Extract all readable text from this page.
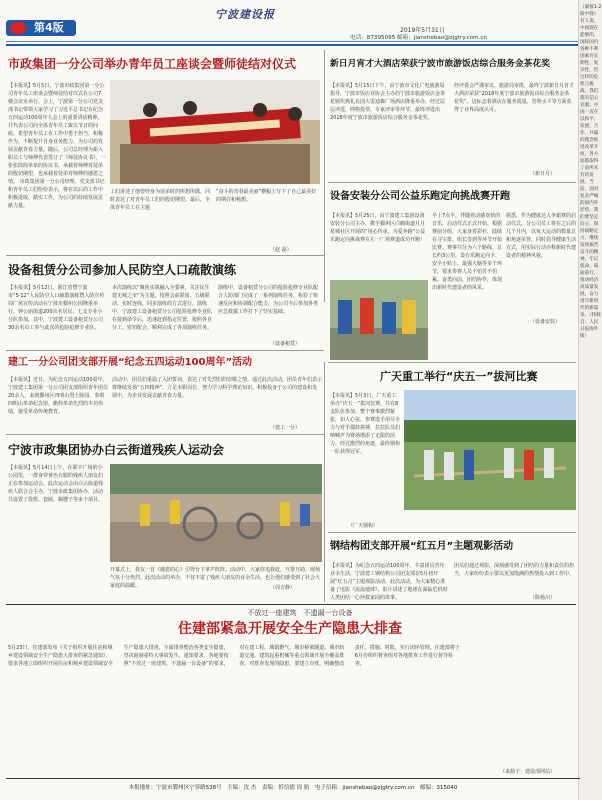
第4版
宁波建设报
2019年5月31日
电话：87395095 邮箱：jianshebao@zjgtry.com.cn
市政集团一分公司举办青年员工座谈会暨师徒结对仪式
【本报讯】5月5日，宁波市政集团第一分公司青年员工座谈会暨师徒结对仪式在公司7楼会议室举行。会上，宁波第一分公司党支部书记带领大家学习了习近平总书记在纪念五四运动100周年大会上的重要讲话精神，并代表公司向全体青年员工致以节日的问候，希望青年员工在工作中勇于担当、积极作为、不断提升自身业务能力，为公司的发展贡献青春力量。随后，公司总经理为新入职员工与师傅代表签订了《师徒协议书》，一张张简简单单的协议书，承载着师傅对徒弟的殷切期望，也承载着徒弟对师傅的感恩之情。 市政集团第一分公司经理、党支部书记和青年员工们纷纷表示，将在以后的工作中积极进取，踏实工作，为公司的持续发展贡献力量。
工们讲述了他曾经身为徒弟时的所想所做，同时表达了对青年员工们的殷切期望。最后，全体青年员工在主题
“奋斗的青春最美丽”横幅上写下了自己最美好的期许和畅想。
（赵 磊）
新日月宵才大酒店荣获宁波市旅游饭店综合服务金茶花奖
【本报讯】5月15日下午，由宁波市文化广电旅游局指导，宁波市饭店业协会主办的宁波市旅游饭店金茶花颁奖典礼在国大雷迪森广场酒店隆重举办，经过层层评选，网格投票，专家评审等环节，最终评选出2018年度宁波市旅游饭店综合服务金茶花奖。
经评委会严谨审议，旅游局审批，最终宁波新日月宵才大酒店荣获“2018年度宁波市旅游饭店综合服务金茶花奖”。这标志着酒店在服务质量、管理水平等方面获得了业界高度认可。
（新日月）
设备安装分公司公益乐跑定向挑战赛开跑
【本报讯】5月25日，由宁波建工集团设备安装分公司主办，携手鄞州区白鹤街道月月星城社区开展的“用心传承，为爱奔跑”公益乐跑定向挑战赛在左一广场赛道成功开跑！
早上7点半，伴随着动感欢快的音乐，启动仪式正式开始。根据赛前分组，大家身着彩衫，陆续在寻宝排、组长签到等环节开始比赛。赛事共分为六个路线，总长约3公里，设有乐跑定向卡、安全小贴士、最强大脑等多个环节，要求参赛人员不怕苦不怕累，奋勇向前，团结协作，体现出新时代建设者的风采。
据悉，作为健康达人争霸赛的启动仪式，分公司员工将在之后的几个月内，以每天运动的数量总和角逐荣誉，同时倡导健康生活方式，用实际行动诠释新时代建设者的精神风貌。
（设备安装）
设备租赁分公司参加人民防空人口疏散演练
【本报讯】5月12日，浙江省暨宁波市“5·12”人民防空人口疏散演练暨人防宣传周广场宣传活动在宁波市鄞州公园隆重举行。钟公庙街道200余名居民、七支专业小分队参加，其中，宁波建工设备租赁分公司30余名员工参与此次的抢险抢修专业队，
本次演练以“聚焦实战融入全要素，关注民生建无城之市”为主题，按照会前联席、五级联动、实时连线、同步演练的方式进行。演练中，宁波建工设备租赁分公司抢险抢修专业队在接到命令后，迅速赶到指定位置，按照各自分工，密切配合，顺利完成了各项演练任务。
演练中，设备租赁分公司的抢险抢修专业队配合人防部门完成了一系列演练任务，检验了快速反应和协调配合能力，为公司今后参加各类应急救援工作打下了坚实基础。
（设备租赁）
建工一分公司团支部开展“纪念五四运动100周年”活动
【本报讯】近日，为纪念五四运动100周年，宁波建工集团第一分公司团支部组织青年团员20余人，来到鄞州区四明山烈士陵园，参观四明山革命纪念馆，瞻仰革命先烈的丰功伟绩，接受革命传统教育。
活动中，团员们重温了入团誓词，表达了对先烈们的崇敬之情。通过此次活动，团员青年们表示将继续发扬“五四精神”，立足本职岗位，努力学习科学理论知识，积极投身于公司的建设和发展中，为企业发展贡献青春力量。
（建工一分）
宁波市政集团协办白云街道残疾人运动会
【本报讯】5月14日上午，在联丰广场的小公园里，一群身穿黄色衣服的残疾人朋友们正在参加运动会。此次运动会由白云街道残疾人联合会主办，宁波市政集团协办，活动共设置了投篮、套圈、踢毽子等多个项目。
开幕式上，我友一首《感恩的心》引得台下掌声阵阵。活动中，大家你追我赶，互帮互助，现场气氛十分热烈。此次活动的举办，不仅丰富了残疾人朋友的业余生活，也让他们感受到了社会大家庭的温暖。	（周吉静）
广天重工举行“庆五一”拔河比赛
【本报讯】5月3日，广天重工举办“庆五一”拔河比赛，共有8支队伍参加。整个赛事激烈紧张，扣人心弦，参赛选手用尽全力与对手僵持拼搏，拉拉队员们呐喊声为赛场增添了无限的活力。经过激烈的角逐，最终钢构一队获得冠军。
（广天钢构）
钢结构团支部开展“红五月”主题观影活动
【本报讯】为纪念五四运动100周年，丰富团员青年业余生活，宁波建工钢结构公司团支部在5月初开展“红五月”主题观影活动。此次活动，为大家精心准备了电影《流浪地球》，影片讲述了地球在面临危机时人类团结一心拯救家园的故事。
团员们通过观影，深刻感受到了团结的力量和责任的担当，大家纷纷表示要以更加饱满的热情投入到工作中。
（陈杨川）
不放过一座建筑　不遗漏一台设备
住建部紧急开展安全生产隐患大排查
5月23日，住建部发布《关于组织开展住房和城乡建设领域安全生产隐患大排查的紧急通知》，要求各地立即组织开展住房和城乡建设领域安全生产隐患大排查，全面排查整治各类安全隐患，坚决遏制重特大事故发生。通知要求，各地要按照“不放过一座建筑、不遗漏一台设备”的要求，对在建工程、城镇燃气、城市桥梁隧道、城市轨道交通、建筑起重机械等重点领域开展全覆盖排查。对排查发现的隐患，要建立台账，明确整改责任、措施、时限，实行闭环管理。住建部将于6月份组织督查组对各地排查工作进行督导检查。
（来源于：建设部网站）
（紧接1-2版中缝）有人说，中国现在能够的，国际国内各种不利因素有长期性、复杂性，但这样的危机与挑战，我们都有信心克服。中国一直在以和平、发展、合作、共赢的理念推进改革开放，各方面都取得了前所未有的发展。当前，面对复杂严峻的国内外形势，我们要坚定信心，保持战略定力，继续发扬艰苦奋斗的精神，牢记使命，砥砺前行，推动经济高质量发展，奋力谱写新时代的新篇章。（特载自：人民日报海外版）
本报地址：宁波市鄞州区宁穿路538号　主编：沈 杰　责编：忻信德 周 航　电子信箱：jianshebao@zjgtry.com.cn　邮编：315040
